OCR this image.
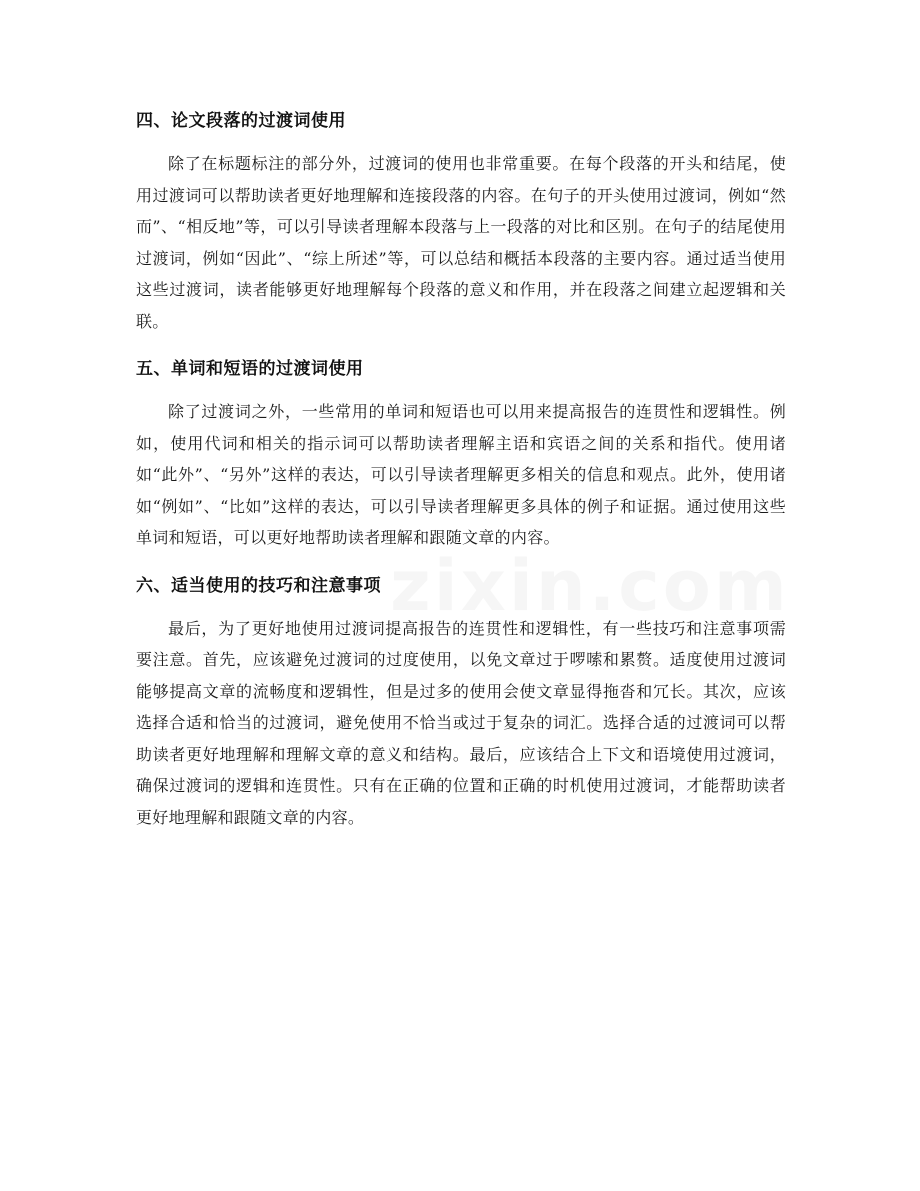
四、论文段落的过渡词使用

除了在标题标注的部分外，过渡词的使用也非常重要。在每个段落的开头和结尾，使用过渡词可以帮助读者更好地理解和连接段落的内容。在句子的开头使用过渡词，例如“然而”、“相反地”等，可以引导读者理解本段落与上一段落的对比和区别。在句子的结尾使用过渡词，例如“因此”、“综上所述”等，可以总结和概括本段落的主要内容。通过适当使用这些过渡词，读者能够更好地理解每个段落的意义和作用，并在段落之间建立起逻辑和关联。

五、单词和短语的过渡词使用

除了过渡词之外，一些常用的单词和短语也可以用来提高报告的连贯性和逻辑性。例如，使用代词和相关的指示词可以帮助读者理解主语和宾语之间的关系和指代。使用诸如“此外”、“另外”这样的表达，可以引导读者理解更多相关的信息和观点。此外，使用诸如“例如”、“比如”这样的表达，可以引导读者理解更多具体的例子和证据。通过使用这些单词和短语，可以更好地帮助读者理解和跟随文章的内容。

六、适当使用的技巧和注意事项

最后，为了更好地使用过渡词提高报告的连贯性和逻辑性，有一些技巧和注意事项需要注意。首先，应该避免过渡词的过度使用，以免文章过于啰嗦和累赘。适度使用过渡词能够提高文章的流畅度和逻辑性，但是过多的使用会使文章显得拖沓和冗长。其次，应该选择合适和恰当的过渡词，避免使用不恰当或过于复杂的词汇。选择合适的过渡词可以帮助读者更好地理解和理解文章的意义和结构。最后，应该结合上下文和语境使用过渡词，确保过渡词的逻辑和连贯性。只有在正确的位置和正确的时机使用过渡词，才能帮助读者更好地理解和跟随文章的内容。
